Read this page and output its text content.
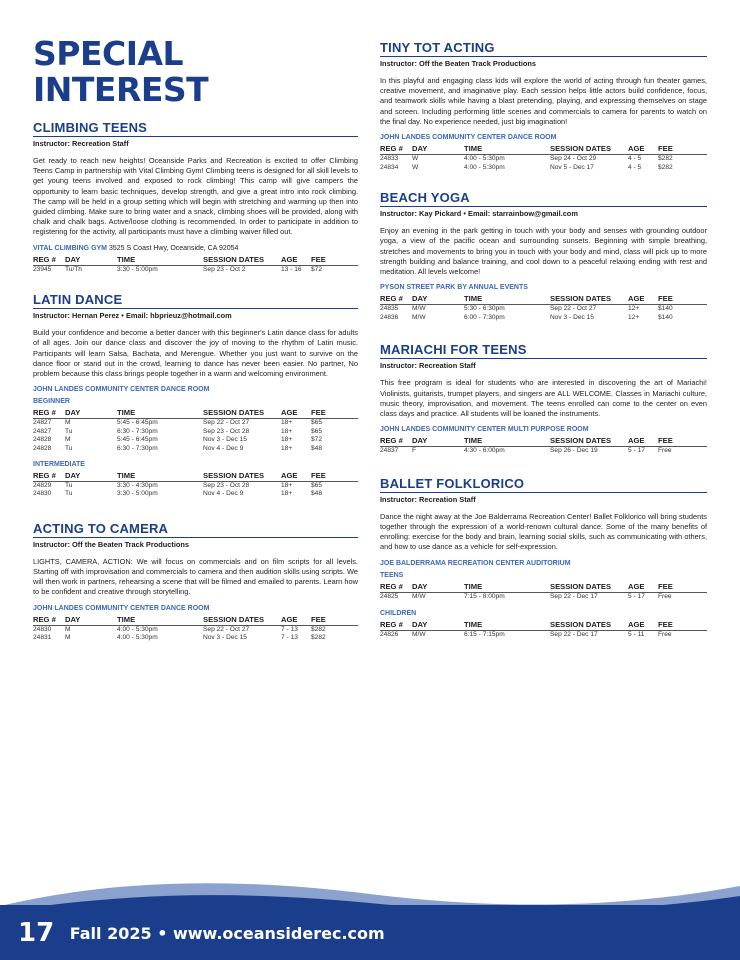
SPECIAL INTEREST
CLIMBING TEENS
Instructor: Recreation Staff
Get ready to reach new heights! Oceanside Parks and Recreation is excited to offer Climbing Teens Camp in partnership with Vital Climbing Gym! Climbing teens is designed for all skill levels to get young teens involved and exposed to rock climbing! This camp will give campers the opportunity to learn basic techniques, develop strength, and give a great intro into rock climbing. The camp will be held in a group setting which will begin with stretching and warming up then into guided climbing. Make sure to bring water and a snack, climbing shoes will be provided, along with chalk and chalk bags. Active/loose clothing is recommended. In order to participate in addition to registering for the activity, all participants must have a climbing waiver filled out.
VITAL CLIMBING GYM 3525 S Coast Hwy, Oceanside, CA 92054
REG #	DAY	TIME	SESSION DATES	AGE	FEE
23945	Tu/Th	3:30 - 5:00pm	Sep 23 - Oct 2	13 - 16	$72
LATIN DANCE
Instructor: Hernan Perez • Email: hbprieuz@hotmail.com
Build your confidence and become a better dancer with this beginner's Latin dance class for adults of all ages. Join our dance class and discover the joy of moving to the rhythm of Latin music. Participants will learn Salsa, Bachata, and Merengue. Whether you just want to survive on the dance floor or stand out in the crowd, learning to dance has never been easier. No partner, No problem because this class brings people together in a warm and welcoming environment.
JOHN LANDES COMMUNITY CENTER DANCE ROOM
BEGINNER
REG #	DAY	TIME	SESSION DATES	AGE	FEE
24827	M	5:45 - 6:45pm	Sep 22 - Oct 27	18+	$65
24827	Tu	6:30 - 7:30pm	Sep 23 - Oct 28	18+	$65
24828	M	5:45 - 6:45pm	Nov 3 - Dec 15	18+	$72
24828	Tu	6:30 - 7:30pm	Nov 4 - Dec 9	18+	$48
INTERMEDIATE
REG #	DAY	TIME	SESSION DATES	AGE	FEE
24829	Tu	3:30 - 4:30pm	Sep 23 - Oct 28	18+	$65
24830	Tu	3:30 - 5:00pm	Nov 4 - Dec 9	18+	$48
ACTING TO CAMERA
Instructor: Off the Beaten Track Productions
LIGHTS, CAMERA, ACTION: We will focus on commercials and on film scripts for all levels. Starting off with improvisation and commercials to camera and then audition skills using scripts. We will then work in partners, rehearsing a scene that will be filmed and emailed to parents. Learn how to be confident and creative through storytelling.
JOHN LANDES COMMUNITY CENTER DANCE ROOM
REG #	DAY	TIME	SESSION DATES	AGE	FEE
24830	M	4:00 - 5:30pm	Sep 22 - Oct 27	7 - 13	$282
24831	M	4:00 - 5:30pm	Nov 3 - Dec 15	7 - 13	$282
TINY TOT ACTING
Instructor: Off the Beaten Track Productions
In this playful and engaging class kids will explore the world of acting through fun theater games, creative movement, and imaginative play. Each session helps little actors build confidence, focus, and teamwork skills while having a blast pretending, playing, and expressing themselves on stage and screen. Including performing little scenes and commercials to camera for parents to watch on the final day. No experience needed, just big imagination!
JOHN LANDES COMMUNITY CENTER DANCE ROOM
REG #	DAY	TIME	SESSION DATES	AGE	FEE
24833	W	4:00 - 5:30pm	Sep 24 - Oct 29	4 - 5	$282
24834	W	4:00 - 5:30pm	Nov 5 - Dec 17	4 - 5	$282
BEACH YOGA
Instructor: Kay Pickard • Email: starrainbow@gmail.com
Enjoy an evening in the park getting in touch with your body and senses with grounding outdoor yoga, a view of the pacific ocean and surrounding sunsets. Beginning with simple breathing, stretches and movements to bring you in touch with your body and mind, class will pick up to more strength building and balance training, and cool down to a peaceful relaxing ending with rest and meditation. All levels welcome!
PYSON STREET PARK BY ANNUAL EVENTS
REG #	DAY	TIME	SESSION DATES	AGE	FEE
24835	M/W	5:30 - 6:30pm	Sep 22 - Oct 27	12+	$140
24836	M/W	6:00 - 7:30pm	Nov 3 - Dec 15	12+	$140
MARIACHI FOR TEENS
Instructor: Recreation Staff
This free program is ideal for students who are interested in discovering the art of Mariachi! Violinists, guitarists, trumpet players, and singers are ALL WELCOME. Classes in Mariachi culture, music theory, improvisation, and movement. The teens enrolled can come to the center on even class days and practice. All students will be loaned the instruments.
JOHN LANDES COMMUNITY CENTER MULTI PURPOSE ROOM
REG #	DAY	TIME	SESSION DATES	AGE	FEE
24837	F	4:30 - 6:00pm	Sep 26 - Dec 19	5 - 17	Free
BALLET FOLKLORICO
Instructor: Recreation Staff
Dance the night away at the Joe Balderrama Recreation Center! Ballet Folklorico will bring students together through the expression of a world-renown cultural dance. Some of the many benefits of enrolling: exercise for the body and brain, learning social skills, such as communicating with others, and how to use dance as a vehicle for self-expression.
JOE BALDERRAMA RECREATION CENTER AUDITORIUM
TEENS
REG #	DAY	TIME	SESSION DATES	AGE	FEE
24825	M/W	7:15 - 8:00pm	Sep 22 - Dec 17	5 - 17	Free
CHILDREN
REG #	DAY	TIME	SESSION DATES	AGE	FEE
24826	M/W	6:15 - 7:15pm	Sep 22 - Dec 17	5 - 11	Free
17 Fall 2025 • www.oceansiderec.com
